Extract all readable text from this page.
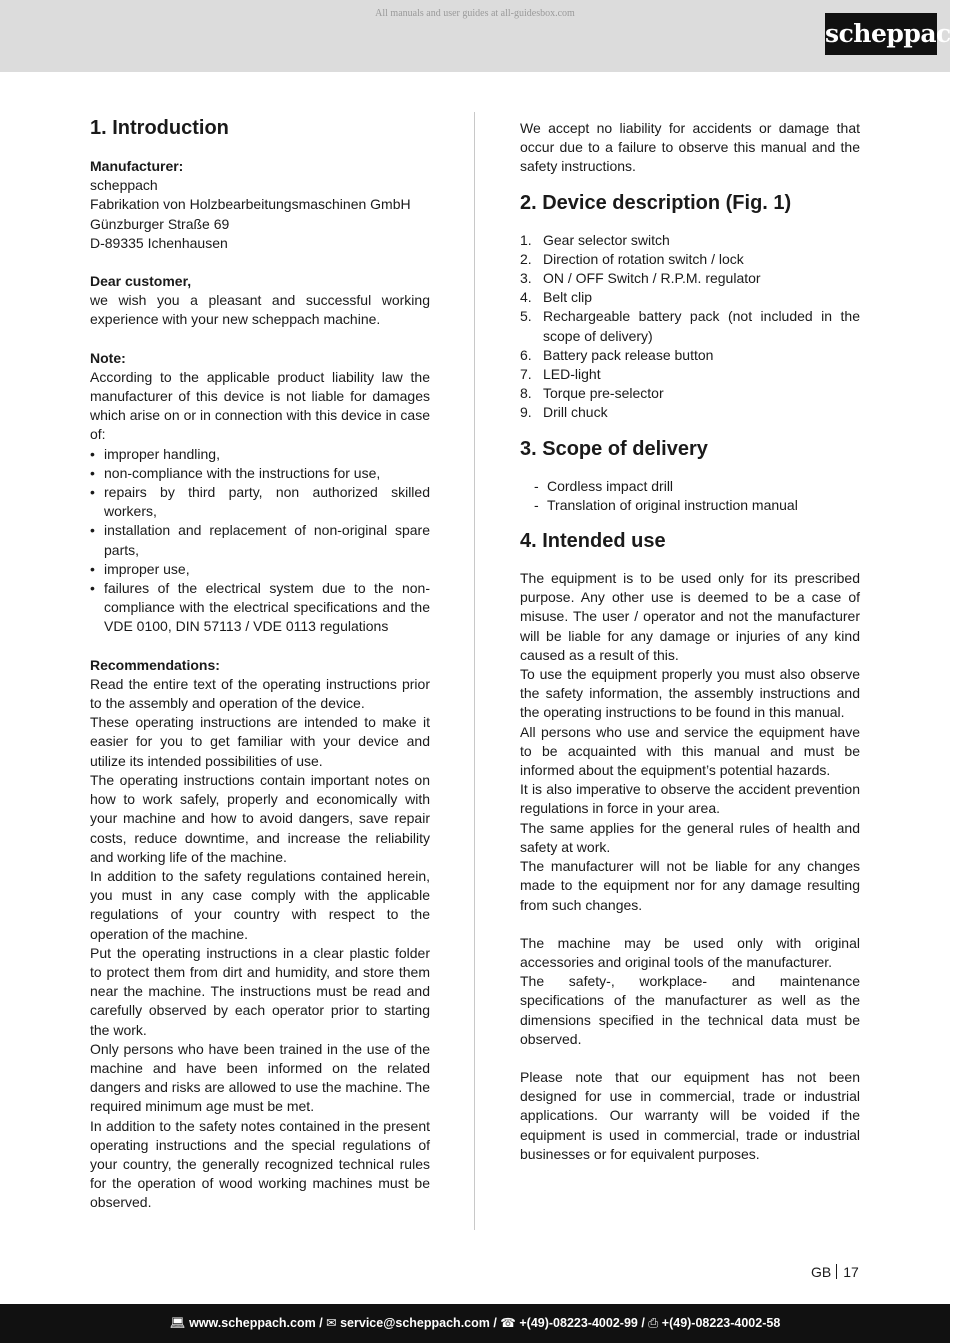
All manuals and user guides at all-guidesbox.com
scheppach
1. Introduction

Manufacturer:

scheppach

Fabrikation von Holzbearbeitungsmaschinen GmbH

Günzburger Straße 69

D-89335 Ichenhausen

Dear customer,

we wish you a pleasant and successful working experience with your new scheppach machine.

Note:

According to the applicable product liability law the manufacturer of this device is not liable for damages which arise on or in connection with this device in case of:

• improper handling,
• non-compliance with the instructions for use,
• repairs by third party, non authorized skilled workers,
• installation and replacement of non-original spare parts,
• improper use,
• failures of the electrical system due to the non-compliance with the electrical specifications and the VDE 0100, DIN 57113 / VDE 0113 regulations

Recommendations:

Read the entire text of the operating instructions prior to the assembly and operation of the device.

These operating instructions are intended to make it easier for you to get familiar with your device and utilize its intended possibilities of use.

The operating instructions contain important notes on how to work safely, properly and economically with your machine and how to avoid dangers, save repair costs, reduce downtime, and increase the reliability and working life of the machine.

In addition to the safety regulations contained herein, you must in any case comply with the applicable regulations of your country with respect to the operation of the machine.

Put the operating instructions in a clear plastic folder to protect them from dirt and humidity, and store them near the machine. The instructions must be read and carefully observed by each operator prior to starting the work.

Only persons who have been trained in the use of the machine and have been informed on the related dangers and risks are allowed to use the machine. The required minimum age must be met.

In addition to the safety notes contained in the present operating instructions and the special regulations of your country, the generally recognized technical rules for the operation of wood working machines must be observed.

We accept no liability for accidents or damage that occur due to a failure to observe this manual and the safety instructions.

2. Device description (Fig. 1)
1. Gear selector switch
2. Direction of rotation switch / lock
3. ON / OFF Switch / R.P.M. regulator
4. Belt clip
5. Rechargeable battery pack (not included in the scope of delivery)
6. Battery pack release button
7. LED-light
8. Torque pre-selector
9. Drill chuck
3. Scope of delivery
- Cordless impact drill
- Translation of original instruction manual
4. Intended use

The equipment is to be used only for its prescribed purpose. Any other use is deemed to be a case of misuse. The user / operator and not the manufacturer will be liable for any damage or injuries of any kind caused as a result of this.

To use the equipment properly you must also observe the safety information, the assembly instructions and the operating instructions to be found in this manual.

All persons who use and service the equipment have to be acquainted with this manual and must be informed about the equipment’s potential hazards.

It is also imperative to observe the accident prevention regulations in force in your area.

The same applies for the general rules of health and safety at work.

The manufacturer will not be liable for any changes made to the equipment nor for any damage resulting from such changes.

The machine may be used only with original accessories and original tools of the manufacturer.

The safety-, workplace- and maintenance specifications of the manufacturer as well as the dimensions specified in the technical data must be observed.

Please note that our equipment has not been designed for use in commercial, trade or industrial applications. Our warranty will be voided if the equipment is used in commercial, trade or industrial businesses or for equivalent purposes.

GB 17
💻︎ www.scheppach.com / ✉︎ service@scheppach.com / ☎︎ +(49)-08223-4002-99 / ⎙ +(49)-08223-4002-58
